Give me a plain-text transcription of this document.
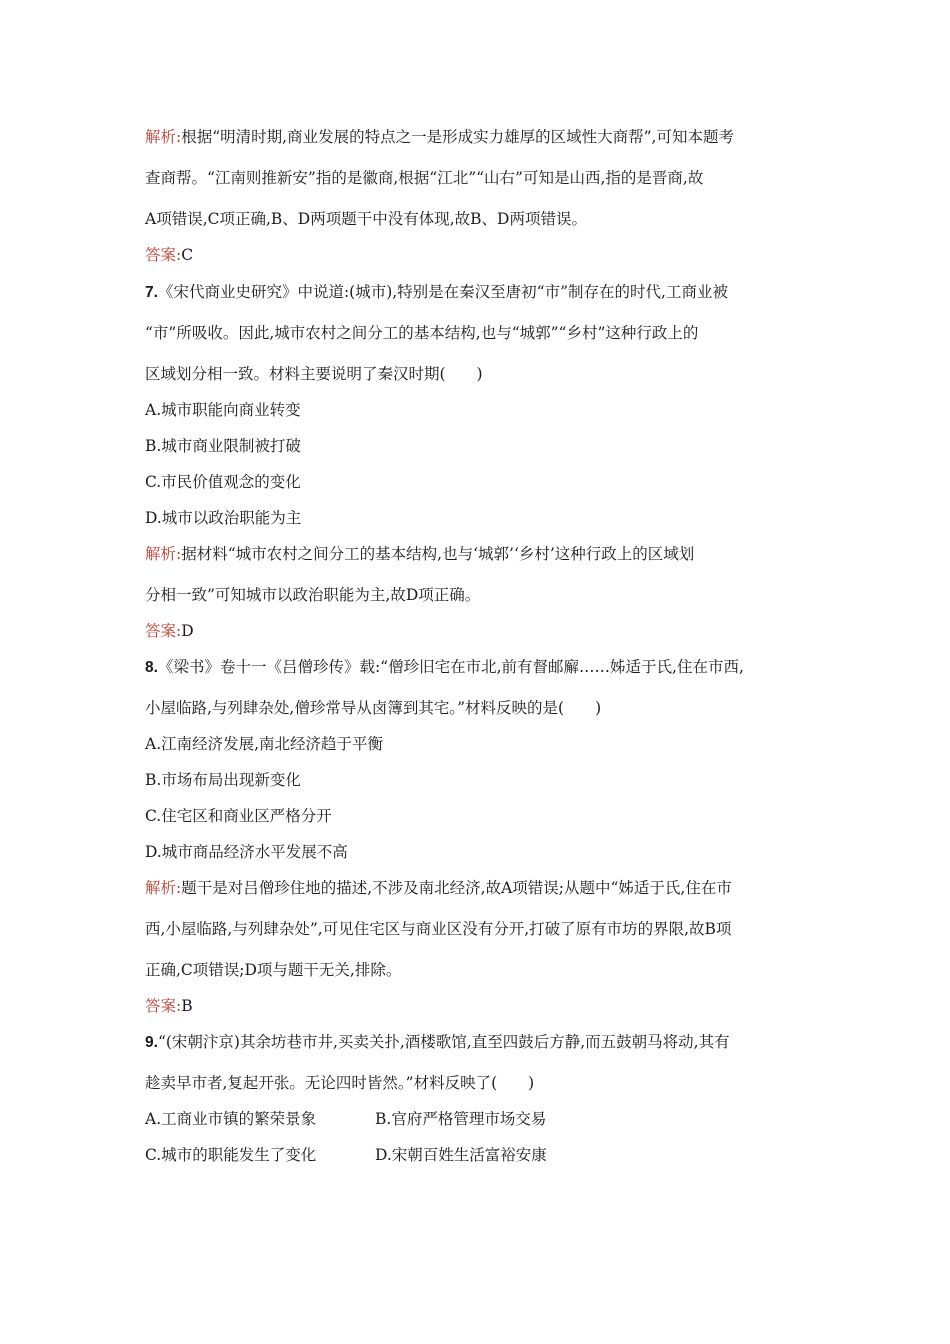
解析:根据“明清时期,商业发展的特点之一是形成实力雄厚的区域性大商帮”,可知本题考
查商帮。“江南则推新安”指的是徽商,根据“江北”“山右”可知是山西,指的是晋商,故
A项错误,C项正确,B、D两项题干中没有体现,故B、D两项错误。
答案:C
7.《宋代商业史研究》中说道:(城市),特别是在秦汉至唐初“市”制存在的时代,工商业被
“市”所吸收。因此,城市农村之间分工的基本结构,也与“城郭”“乡村”这种行政上的
区域划分相一致。材料主要说明了秦汉时期(　　)
A.城市职能向商业转变
B.城市商业限制被打破
C.市民价值观念的变化
D.城市以政治职能为主
解析:据材料“城市农村之间分工的基本结构,也与‘城郭’‘乡村’这种行政上的区域划
分相一致”可知城市以政治职能为主,故D项正确。
答案:D
8.《梁书》卷十一《吕僧珍传》载:“僧珍旧宅在市北,前有督邮廨……姊适于氏,住在市西,
小屋临路,与列肆杂处,僧珍常导从卤簿到其宅。”材料反映的是(　　)
A.江南经济发展,南北经济趋于平衡
B.市场布局出现新变化
C.住宅区和商业区严格分开
D.城市商品经济水平发展不高
解析:题干是对吕僧珍住地的描述,不涉及南北经济,故A项错误;从题中“姊适于氏,住在市
西,小屋临路,与列肆杂处”,可见住宅区与商业区没有分开,打破了原有市坊的界限,故B项
正确,C项错误;D项与题干无关,排除。
答案:B
9.“(宋朝汴京)其余坊巷市井,买卖关扑,酒楼歌馆,直至四鼓后方静,而五鼓朝马将动,其有
趁卖早市者,复起开张。无论四时皆然。”材料反映了(　　)
A.工商业市镇的繁荣景象	B.官府严格管理市场交易
C.城市的职能发生了变化	D.宋朝百姓生活富裕安康
